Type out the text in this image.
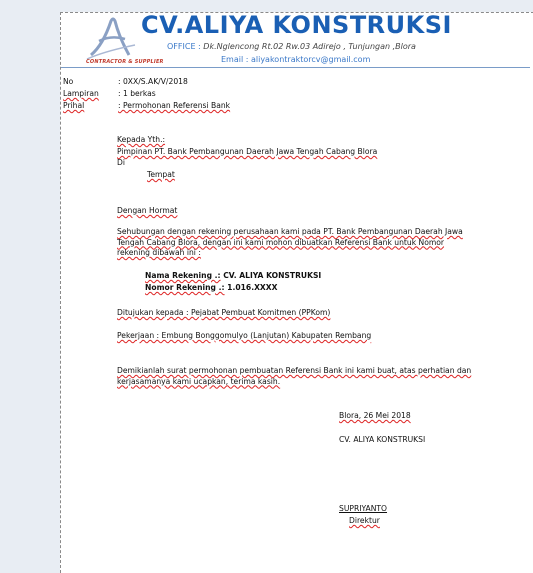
CONTRACTOR & SUPPLIER
CV.ALIYA KONSTRUKSI
OFFICE : Dk.Nglencong Rt.02 Rw.03 Adirejo , Tunjungan ,Blora
Email : aliyakontraktorcv@gmail.com
No	: 0XX/S.AK/V/2018
Lampiran	: 1 berkas
Prihal	: Permohonan Referensi Bank
Kepada Yth.:
Pimpinan PT. Bank Pembangunan Daerah Jawa Tengah Cabang Blora
Di
Tempat
Dengan Hormat
Sehubungan dengan rekening perusahaan kami pada PT. Bank Pembangunan Daerah Jawa
Tengah Cabang Blora, dengan ini kami mohon dibuatkan Referensi Bank untuk Nomor
rekening dibawah ini :
Nama Rekening .: CV. ALIYA KONSTRUKSI
Nomor Rekening .: 1.016.XXXX
Ditujukan kepada : Pejabat Pembuat Komitmen (PPKom)
Pekerjaan : Embung Bonggomulyo (Lanjutan) Kabupaten Rembang
Demikianlah surat permohonan pembuatan Referensi Bank ini kami buat, atas perhatian dan
kerjasamanya kami ucapkan, terima kasih.
Blora, 26 Mei 2018
CV. ALIYA KONSTRUKSI
SUPRIYANTO
Direktur
